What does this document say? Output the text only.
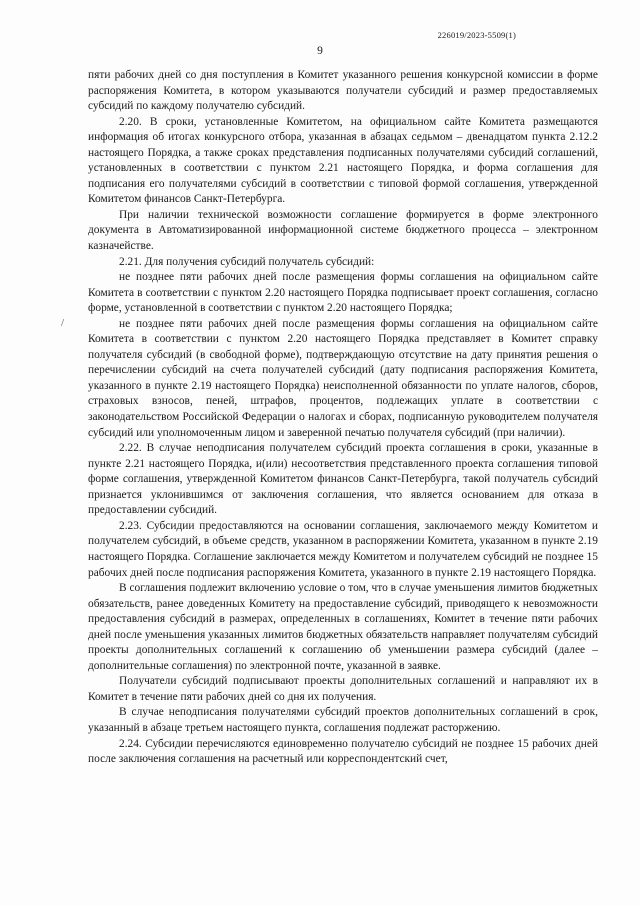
226019/2023-5509(1)
9
/

пяти рабочих дней со дня поступления в Комитет указанного решения конкурсной комиссии в форме распоряжения Комитета, в котором указываются получатели субсидий и размер предоставляемых субсидий по каждому получателю субсидий.

2.20. В сроки, установленные Комитетом, на официальном сайте Комитета размещаются информация об итогах конкурсного отбора, указанная в абзацах седьмом – двенадцатом пункта 2.12.2 настоящего Порядка, а также сроках представления подписанных получателями субсидий соглашений, установленных в соответствии с пунктом 2.21 настоящего Порядка, и форма соглашения для подписания его получателями субсидий в соответствии с типовой формой соглашения, утвержденной Комитетом финансов Санкт-Петербурга.

При наличии технической возможности соглашение формируется в форме электронного документа в Автоматизированной информационной системе бюджетного процесса – электронном казначействе.

2.21. Для получения субсидий получатель субсидий:

не позднее пяти рабочих дней после размещения формы соглашения на официальном сайте Комитета в соответствии с пунктом 2.20 настоящего Порядка подписывает проект соглашения, согласно форме, установленной в соответствии с пунктом 2.20 настоящего Порядка;

не позднее пяти рабочих дней после размещения формы соглашения на официальном сайте Комитета в соответствии с пунктом 2.20 настоящего Порядка представляет в Комитет справку получателя субсидий (в свободной форме), подтверждающую отсутствие на дату принятия решения о перечислении субсидий на счета получателей субсидий (дату подписания распоряжения Комитета, указанного в пункте 2.19 настоящего Порядка) неисполненной обязанности по уплате налогов, сборов, страховых взносов, пеней, штрафов, процентов, подлежащих уплате в соответствии с законодательством Российской Федерации о налогах и сборах, подписанную руководителем получателя субсидий или уполномоченным лицом и заверенной печатью получателя субсидий (при наличии).

2.22. В случае неподписания получателем субсидий проекта соглашения в сроки, указанные в пункте 2.21 настоящего Порядка, и(или) несоответствия представленного проекта соглашения типовой форме соглашения, утвержденной Комитетом финансов Санкт-Петербурга, такой получатель субсидий признается уклонившимся от заключения соглашения, что является основанием для отказа в предоставлении субсидий.

2.23. Субсидии предоставляются на основании соглашения, заключаемого между Комитетом и получателем субсидий, в объеме средств, указанном в распоряжении Комитета, указанном в пункте 2.19 настоящего Порядка. Соглашение заключается между Комитетом и получателем субсидий не позднее 15 рабочих дней после подписания распоряжения Комитета, указанного в пункте 2.19 настоящего Порядка.

В соглашения подлежит включению условие о том, что в случае уменьшения лимитов бюджетных обязательств, ранее доведенных Комитету на предоставление субсидий, приводящего к невозможности предоставления субсидий в размерах, определенных в соглашениях, Комитет в течение пяти рабочих дней после уменьшения указанных лимитов бюджетных обязательств направляет получателям субсидий проекты дополнительных соглашений к соглашению об уменьшении размера субсидий (далее – дополнительные соглашения) по электронной почте, указанной в заявке.

Получатели субсидий подписывают проекты дополнительных соглашений и направляют их в Комитет в течение пяти рабочих дней со дня их получения.

В случае неподписания получателями субсидий проектов дополнительных соглашений в срок, указанный в абзаце третьем настоящего пункта, соглашения подлежат расторжению.

2.24. Субсидии перечисляются единовременно получателю субсидий не позднее 15 рабочих дней после заключения соглашения на расчетный или корреспондентский счет,
